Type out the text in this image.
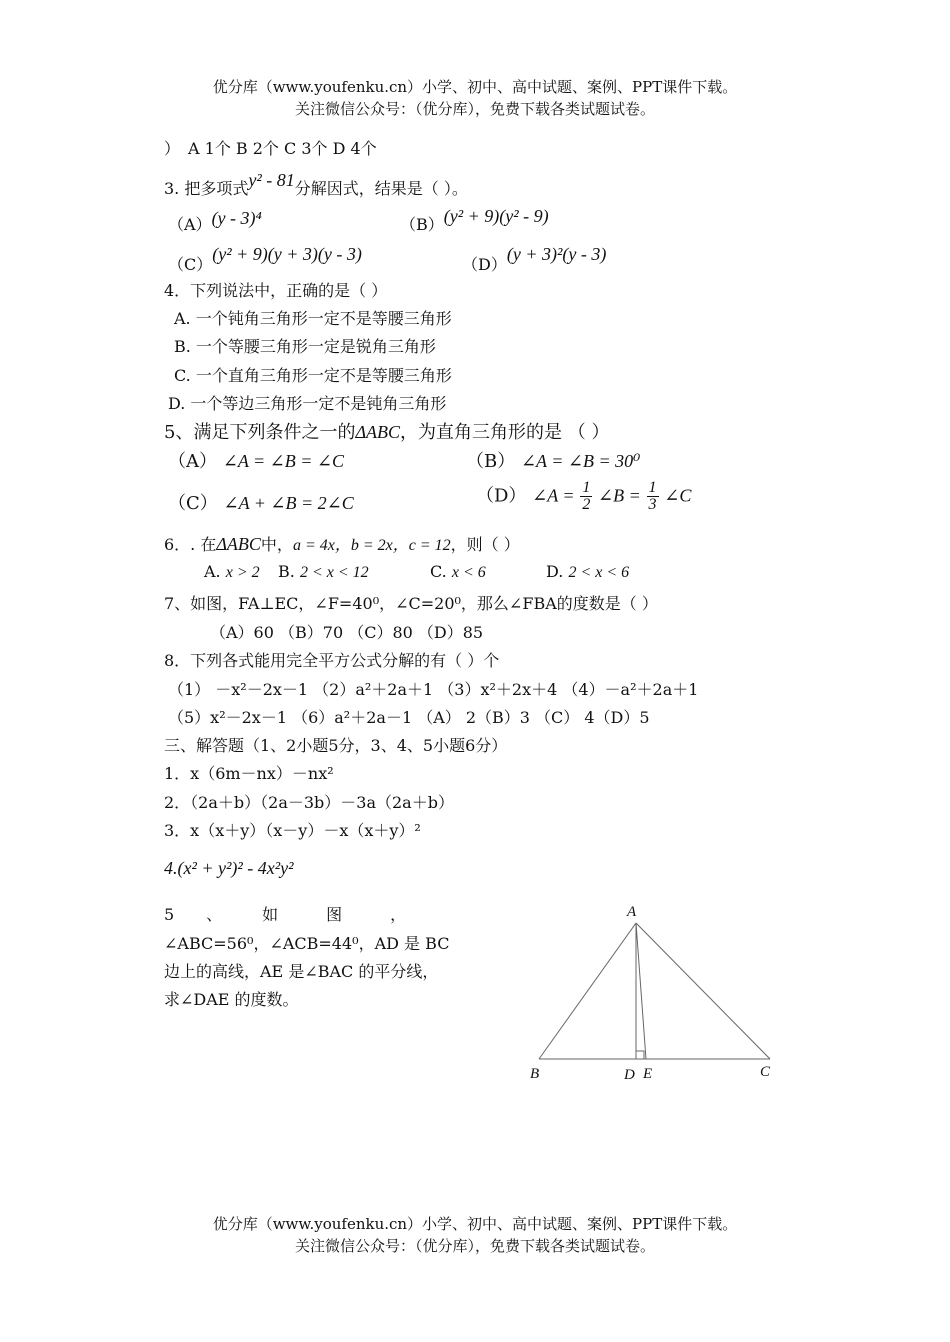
优分库（www.youfenku.cn）小学、初中、高中试题、案例、PPT课件下载。
关注微信公众号：（优分库），免费下载各类试题试卷。
）　A 1个 B 2个 C 3个 D 4个
3. 把多项式y² - 81分解因式，结果是（ ）。
（A）(y - 3)⁴	（B）(y² + 9)(y² - 9)
（C）(y² + 9)(y + 3)(y - 3)
（D）(y + 3)²(y - 3)
4．下列说法中，正确的是（ ）
A. 一个钝角三角形一定不是等腰三角形
B. 一个等腰三角形一定是锐角三角形
C. 一个直角三角形一定不是等腰三角形
D. 一个等边三角形一定不是钝角三角形
5、满足下列条件之一的ΔABC，为直角三角形的是 （ ）
（A） ∠A = ∠B = ∠C	（B） ∠A = ∠B = 30⁰
（C） ∠A + ∠B = 2∠C	（D） ∠A = $\frac{1}{2}$ ∠B = $\frac{1}{3}$ ∠C
6．. 在ΔABC中，a = 4x，b = 2x，c = 12，则（ ）
A. x > 2 B. 2 < x < 12	C. x < 6	D. 2 < x < 6
7、如图，FA⊥EC，∠F=40⁰，∠C=20⁰，那么∠FBA的度数是（ ）
（A）60 （B）70 （C）80 （D）85
8．下列各式能用完全平方公式分解的有（ ）个
（1） －x²－2x－1 （2）a²＋2a＋1 （3）x²＋2x＋4 （4）－a²＋2a＋1
（5）x²－2x－1 （6）a²＋2a－1 （A） 2（B）3 （C） 4（D）5
三、解答题（1、2小题5分，3、4、5小题6分）
1．x（6m－nx）－nx²
2．（2a＋b）（2a－3b）－3a（2a＋b）
3．x（x＋y）（x－y）－x（x＋y）²
4.(x² + y²)² - 4x²y²
5　　、　　　如　　　图　　　，
∠ABC=56⁰，∠ACB=44⁰，AD 是 BC
边上的高线，AE 是∠BAC 的平分线，
求∠DAE 的度数。
A
B	C
D E
优分库（www.youfenku.cn）小学、初中、高中试题、案例、PPT课件下载。
关注微信公众号：（优分库），免费下载各类试题试卷。
